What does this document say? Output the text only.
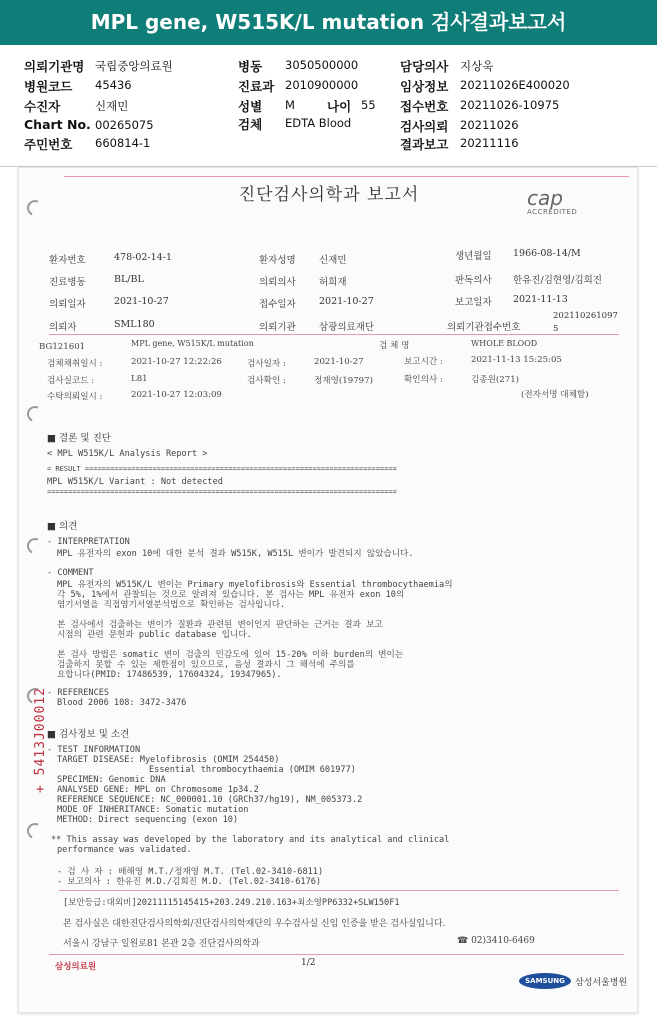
MPL gene, W515K/L mutation 검사결과보고서
의뢰기관명 국립중앙의료원
병원코드 45436
수진자	신재민
Chart No. 00265075
주민번호 660814-1
병동 3050500000
진료과 2010900000
성별 M	나이 55
검체 EDTA Blood
담당의사 지상욱
임상정보 20211026E400020
접수번호 20211026-10975
검사의뢰 20211026
결과보고 20211116
진단검사의학과 보고서	cap
ACCREDITED
환자번호	478-02-14-1	환자성명 신재민	생년월일 1966-08-14/M
진료병동	BL/BL	의뢰의사 허희재	판독의사 한유진/김현영/김희진
의뢰일자	2021-10-27	접수일자 2021-10-27	보고일자 2021-11-13
의뢰자	SML180	의뢰기관 삼광의료재단	의뢰기관접수번호
202110261097
5
BG121601	MPL gene, W515K/L mutation	검 체 명	WHOLE BLOOD
검체채취일시 :	2021-10-27 12:22:26	검사일자 :	2021-10-27	보고시간 :	2021-11-13 15:25:05
검사실코드 :	L81	검사확인 :	정재영(19797)	확인의사 :	김종원(271)
수탁의뢰일시 :	2021-10-27 12:03:09	(전자서명 대체함)
■ 결론 및 진단
< MPL W515K/L Analysis Report >
= RESULT ==========================================================================
MPL W515K/L Variant : Not detected
===================================================================================
■ 의견
- INTERPRETATION
MPL 유전자의 exon 10에 대한 분석 결과 W515K, W515L 변이가 발견되지 않았습니다.
- COMMENT
MPL 유전자의 W515K/L 변이는 Primary myelofibrosis와 Essential thrombocythaemia의
각 5%, 1%에서 관찰되는 것으로 알려져 있습니다. 본 검사는 MPL 유전자 exon 10의
염기서열을 직접염기서열분석법으로 확인하는 검사입니다.
본 검사에서 검출하는 변이가 질환과 관련된 변이인지 판단하는 근거는 결과 보고
시점의 관련 문헌과 public database 입니다.
본 검사 방법은 somatic 변이 검출의 민감도에 있어 15-20% 이하 burden의 변이는
검출하지 못할 수 있는 제한점이 있으므로, 음성 결과시 그 해석에 주의를
요합니다(PMID: 17486539, 17604324, 19347965).
- REFERENCES
Blood 2006 108: 3472-3476
■ 검사정보 및 소견
- TEST INFORMATION
TARGET DISEASE: Myelofibrosis (OMIM 254450)
Essential thrombocythaemia (OMIM 601977)
SPECIMEN: Genomic DNA
ANALYSED GENE: MPL on Chromosome 1p34.2
REFERENCE SEQUENCE: NC_000001.10 (GRCh37/hg19), NM_005373.2
MODE OF INHERITANCE: Somatic mutation
METHOD: Direct sequencing (exon 10)
** This assay was developed by the laboratory and its analytical and clinical
performance was validated.
- 검 사 자 : 배해영 M.T./정재영 M.T. (Tel.02-3410-6811)
- 보고의사 : 한유진 M.D./김희진 M.D. (Tel.02-3410-6176)
[보안등급:대외비]20211115145415+203.249.210.163+최소영PP6332+SLW150F1
본 검사실은 대한진단검사의학회/진단검사의학재단의 우수검사실 신임 인증을 받은 검사실입니다.
서울시 강남구 일원로81 본관 2층 진단검사의학과	☎ 02)3410-6469
삼성의료원	1/2
SAMSUNG	삼성서울병원
+ 5413J00012
